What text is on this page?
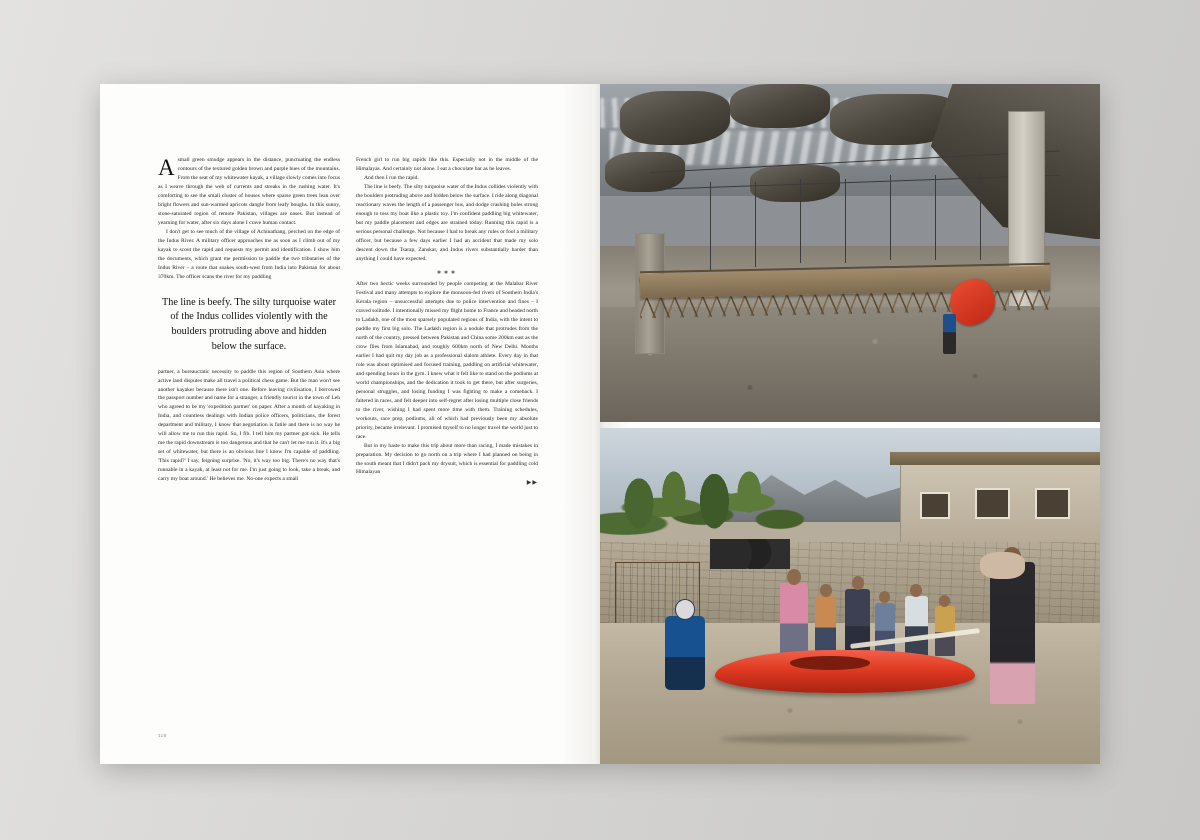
Asmall green smudge appears in the distance, punctuating the endless contours of the textured golden brown and purple hues of the mountains. From the seat of my whitewater kayak, a village slowly comes into focus as I weave through the web of currents and streaks in the rushing water. It's comforting to see the small cluster of houses where sparse green trees lean over bright flowers and sun-warmed apricots dangle from leafy boughs. In this sunny, stone-saturated region of remote Pakistan, villages are oases. But instead of yearning for water, after six days alone I crave human contact.

I don't get to see much of the village of Achinathang, perched on the edge of the Indus River. A military officer approaches me as soon as I climb out of my kayak to scout the rapid and requests my permit and identification. I show him the documents, which grant me permission to paddle the two tributaries of the Indus River – a route that snakes south-west from India into Pakistan for about 370km. The officer scans the river for my paddling

The line is beefy. The silty turquoise water of the Indus collides violently with the boulders protruding above and hidden below the surface.

partner, a bureaucratic necessity to paddle this region of Southern Asia where active land disputes make all travel a political chess game. But the man won't see another kayaker because there isn't one. Before leaving civilisation, I borrowed the passport number and name for a stranger, a friendly tourist in the town of Leh who agreed to be my 'expedition partner' on paper. After a month of kayaking in India, and countless dealings with Indian police officers, politicians, the forest department and military, I know that negotiation is futile and there is no way he will allow me to run this rapid. So, I fib. I tell him my partner got sick. He tells me the rapid downstream is too dangerous and that he can't let me run it. It's a big set of whitewater, but there is an obvious line I know I'm capable of paddling. 'This rapid?' I say, feigning surprise. 'No, it's way too big. There's no way that's runnable in a kayak, at least not for me. I'm just going to look, take a break, and carry my boat around.' He believes me. No-one expects a small

French girl to run big rapids like this. Especially not in the middle of the Himalayas. And certainly not alone. I eat a chocolate bar as he leaves.

And then I run the rapid.

The line is beefy. The silty turquoise water of the Indus collides violently with the boulders protruding above and hidden below the surface. I ride along diagonal reactionary waves the length of a passenger bus, and dodge crashing holes strong enough to toss my boat like a plastic toy. I'm confident paddling big whitewater, but my paddle placement and edges are strained today. Running this rapid is a serious personal challenge. Not because I had to break any rules or fool a military officer, but because a few days earlier I had an accident that made my solo descent down the Tsarap, Zanskar, and Indus rivers substantially harder than anything I could have expected.

∗∗∗

After two hectic weeks surrounded by people competing at the Malabar River Festival and many attempts to explore the monsoon-fed rivers of Southern India's Kerala region – unsuccessful attempts due to police intervention and fines – I craved solitude. I intentionally missed my flight home to France and headed north to Ladakh, one of the most sparsely populated regions of India, with the intent to paddle my first big solo. The Ladakh region is a nodule that protrudes from the north of the country, pressed between Pakistan and China some 200km east as the crow flies from Islamabad, and roughly 600km north of New Delhi. Months earlier I had quit my day job as a professional slalom athlete. Every day in that role was about optimised and focused training, paddling on artificial whitewater, and spending hours in the gym. I knew what it felt like to stand on the podiums at world championships, and the dedication it took to get there, but after surgeries, personal struggles, and losing funding I was fighting to make a comeback. I faltered in races, and felt deeper into self-regret after losing multiple close friends to the river, wishing I had spent more time with them. Training schedules, workouts, race prep, podiums, all of which had previously been my absolute priority, became irrelevant. I promised myself to no longer travel the world just to race.

But in my haste to make this trip about more than racing, I made mistakes in preparation. My decision to go north on a trip where I had planned on being in the south meant that I didn't pack my drysuit, which is essential for paddling cold Himalayan

▶▶
118
